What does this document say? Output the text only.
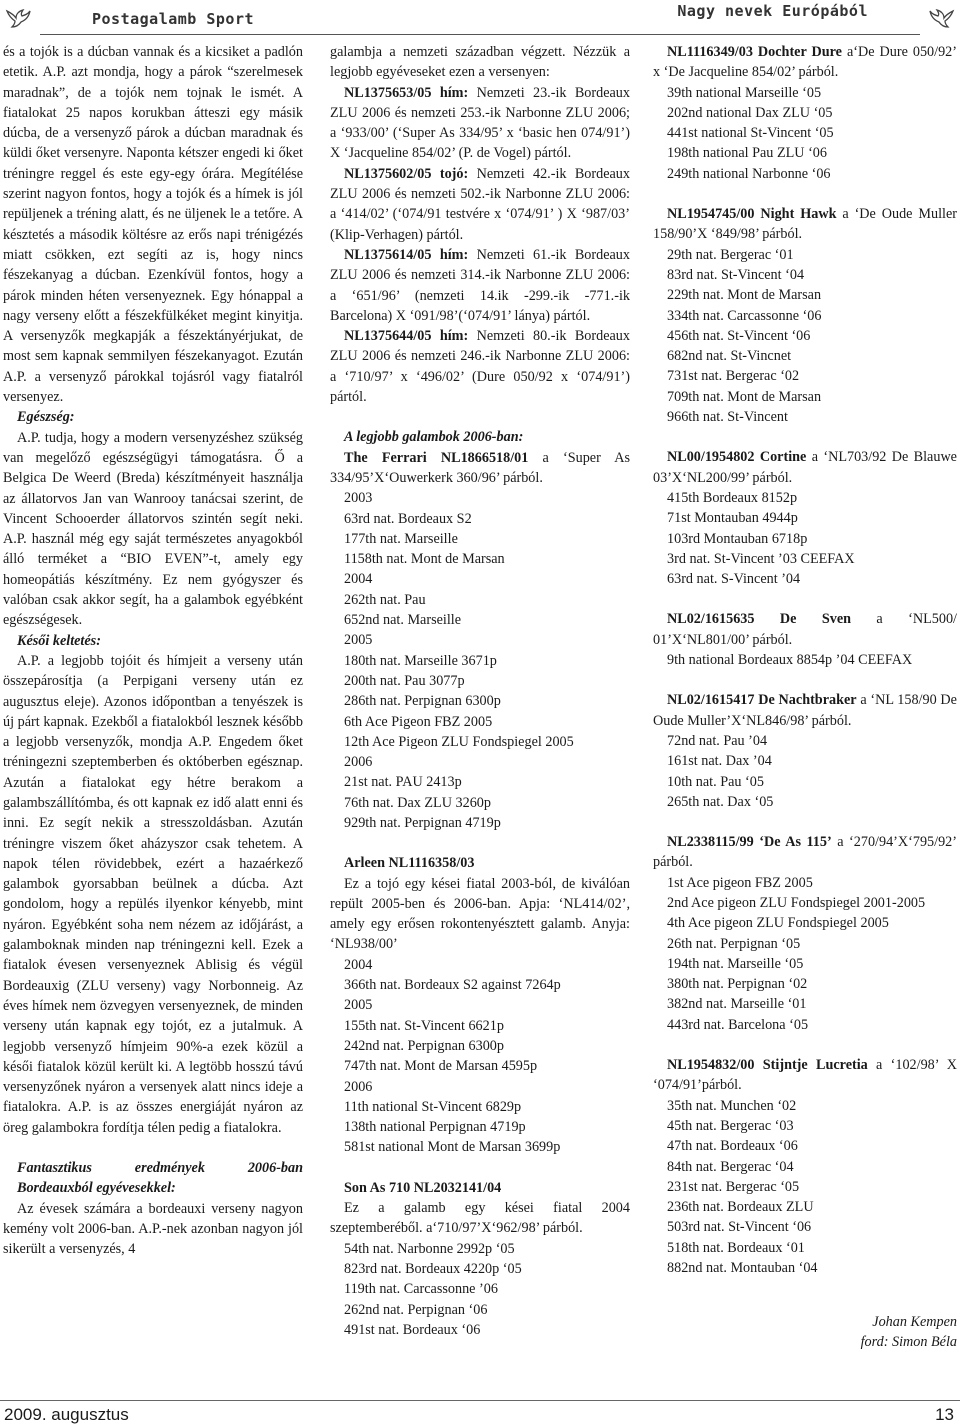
Postagalamb Sport	Nagy nevek Európából

és a tojók is a dúcban vannak és a kicsiket a padlón etetik. A.P. azt mondja, hogy a párok “szerelmesek maradnak”, de a tojók nem tojnak le ismét. A fiatalokat 25 napos korukban átteszi egy másik dúcba, de a versenyző párok a dúcban maradnak és küldi őket versenyre. Naponta kétszer engedi ki őket tréningre reggel és este egy-egy órára. Megítélése szerint nagyon fontos, hogy a tojók és a hímek is jól repüljenek a tréning alatt, és ne üljenek le a tetőre. A késztetés a második költésre az erős napi trénigézés miatt csökken, ezt segíti az is, hogy nincs fészekanyag a dúcban. Ezenkívül fontos, hogy a párok minden héten versenyeznek. Egy hónappal a nagy verseny előtt a fészekfülkéket megint kinyitja. A versenyzők megkapják a fészektányérjukat, de most sem kapnak semmilyen fészekanyagot. Ezután A.P. a versenyző párokkal tojásról vagy fiatalról versenyez.

Egészség:

A.P. tudja, hogy a modern versenyzéshez szükség van megelőző egészségügyi támogatásra. Ő a Belgica De Weerd (Breda) készítményeit használja az állatorvos Jan van Wanrooy tanácsai szerint, de Vincent Schooerder állatorvos szintén segít neki. A.P. használ még egy saját természetes anyagokból álló terméket a “BIO EVEN”-t, amely egy homeopátiás készítmény. Ez nem gyógyszer és valóban csak akkor segít, ha a galambok egyébként egészségesek.

Késői keltetés:

A.P. a legjobb tojóit és hímjeit a verseny után összepárosítja (a Perpigani verseny után ez augusztus eleje). Azonos időpontban a tenyészek is új párt kapnak. Ezekből a fiatalokból lesznek később a legjobb versenyzők, mondja A.P. Engedem őket tréningezni szeptemberben és októberben egésznap. Azután a fiatalokat egy hétre berakom a galambszállítómba, és ott kapnak ez idő alatt enni és inni. Ez segít nekik a stresszoldásban. Azután tréningre viszem őket aházyszor csak tehetem. A napok télen rövidebbek, ezért a hazaérkező galambok gyorsabban beülnek a dúcba. Azt gondolom, hogy a repülés ilyenkor kényebb, mint nyáron. Egyébként soha nem nézem az időjárást, a galamboknak minden nap tréningezni kell. Ezek a fiatalok évesen versenyeznek Ablisig és végül Bordeauxig (ZLU verseny) vagy Norbonneig. Az éves hímek nem özvegyen versenyeznek, de minden verseny után kapnak egy tojót, ez a jutalmuk. A legjobb versenyző hímjeim 90%-a ezek közül a késői fiatalok közül került ki. A legtöbb hosszú távú versenyzőnek nyáron a versenyek alatt nincs ideje a fiatalokra. A.P. is az összes energiáját nyáron az öreg galambokra fordítja télen pedig a fiatalokra.

Fantasztikus eredmények 2006-ban Bordeauxból egyévesekkel:

Az évesek számára a bordeauxi verseny nagyon kemény volt 2006-ban. A.P.-nek azonban nagyon jól sikerült a versenyzés, 4

galambja a nemzeti században végzett. Nézzük a legjobb egyéveseket ezen a versenyen:

NL1375653/05 hím: Nemzeti 23.-ik Bordeaux ZLU 2006 és nemzeti 253.-ik Narbonne ZLU 2006; a ‘933/00’ (‘Super As 334/95’ x ‘basic hen 074/91’) X ‘Jacqueline 854/02’ (P. de Vogel) pártól.

NL1375602/05 tojó: Nemzeti 42.-ik Bordeaux ZLU 2006 és nemzeti 502.-ik Narbonne ZLU 2006: a ‘414/02’ (‘074/91 testvére x ‘074/91’ ) X ‘987/03’ (Klip-Verhagen) pártól.

NL1375614/05 hím: Nemzeti 61.-ik Bordeaux ZLU 2006 és nemzeti 314.-ik Narbonne ZLU 2006: a ‘651/96’ (nemzeti 14.ik -299.-ik -771.-ik Barcelona) X ‘091/98’(‘074/91’ lánya) pártól.

NL1375644/05 hím: Nemzeti 80.-ik Bordeaux ZLU 2006 és nemzeti 246.-ik Narbonne ZLU 2006: a ‘710/97’ x ‘496/02’ (Dure 050/92 x ‘074/91’) pártól.

A legjobb galambok 2006-ban:

The Ferrari NL1866518/01 a ‘Super As 334/95’X‘Ouwerkerk 360/96’ párból.

2003

63rd nat. Bordeaux S2

177th nat. Marseille

1158th nat. Mont de Marsan

2004

262th nat. Pau

652nd nat. Marseille

2005

180th nat. Marseille 3671p

200th nat. Pau 3077p

286th nat. Perpignan 6300p

6th Ace Pigeon FBZ 2005

12th Ace Pigeon ZLU Fondspiegel 2005

2006

21st nat. PAU 2413p

76th nat. Dax ZLU 3260p

929th nat. Perpignan 4719p

Arleen NL1116358/03

Ez a tojó egy kései fiatal 2003-ból, de kiválóan repült 2005-ben és 2006-ban. Apja: ‘NL414/02’, amely egy erősen rokontenyésztett galamb. Anyja: ‘NL938/00’

2004

366th nat. Bordeaux S2 against 7264p

2005

155th nat. St-Vincent 6621p

242nd nat. Perpignan 6300p

747th nat. Mont de Marsan 4595p

2006

11th national St-Vincent 6829p

138th national Perpignan 4719p

581st national Mont de Marsan 3699p

Son As 710 NL2032141/04

Ez a galamb egy kései fiatal 2004 szeptemberéből. a‘710/97’X‘962/98’ párból.

54th nat. Narbonne 2992p ‘05

823rd nat. Bordeaux 4220p ‘05

119th nat. Carcassonne ’06

262nd nat. Perpignan ‘06

491st nat. Bordeaux ‘06

NL1116349/03 Dochter Dure a‘De Dure 050/92’ x ‘De Jacqueline 854/02’ párból.

39th national Marseille ‘05

202nd national Dax ZLU ‘05

441st national St-Vincent ‘05

198th national Pau ZLU ‘06

249th national Narbonne ‘06

NL1954745/00 Night Hawk a ‘De Oude Muller 158/90’X ‘849/98’ párból.

29th nat. Bergerac ‘01

83rd nat. St-Vincent ‘04

229th nat. Mont de Marsan

334th nat. Carcassonne ‘06

456th nat. St-Vincent ‘06

682nd nat. St-Vincnet

731st nat. Bergerac ‘02

709th nat. Mont de Marsan

966th nat. St-Vincent

NL00/1954802 Cortine a ‘NL703/92 De Blauwe 03’X‘NL200/99’ párból.

415th Bordeaux 8152p

71st Montauban 4944p

103rd Montauban 6718p

3rd nat. St-Vincent ’03 CEEFAX

63rd nat. S-Vincent ’04

NL02/1615635 De Sven a ‘NL500/ 01’X‘NL801/00’ párból.

9th national Bordeaux 8854p ’04 CEEFAX

NL02/1615417 De Nachtbraker a ‘NL 158/90 De Oude Muller’X‘NL846/98’ párból.

72nd nat. Pau ’04

161st nat. Dax ’04

10th nat. Pau ‘05

265th nat. Dax ‘05

NL2338115/99 ‘De As 115’ a ‘270/94’X‘795/92’ párból.

1st Ace pigeon FBZ 2005

2nd Ace pigeon ZLU Fondspiegel 2001-2005

4th Ace pigeon ZLU Fondspiegel 2005

26th nat. Perpignan ‘05

194th nat. Marseille ‘05

380th nat. Perpignan ‘02

382nd nat. Marseille ‘01

443rd nat. Barcelona ‘05

NL1954832/00 Stijntje Lucretia a ‘102/98’ X ‘074/91’párból.

35th nat. Munchen ‘02

45th nat. Bergerac ‘03

47th nat. Bordeaux ‘06

84th nat. Bergerac ‘04

231st nat. Bergerac ‘05

236th nat. Bordeaux ZLU

503rd nat. St-Vincent ‘06

518th nat. Bordeaux ‘01

882nd nat. Montauban ‘04

Johan Kempen
ford: Simon Béla
2009. augusztus	13
